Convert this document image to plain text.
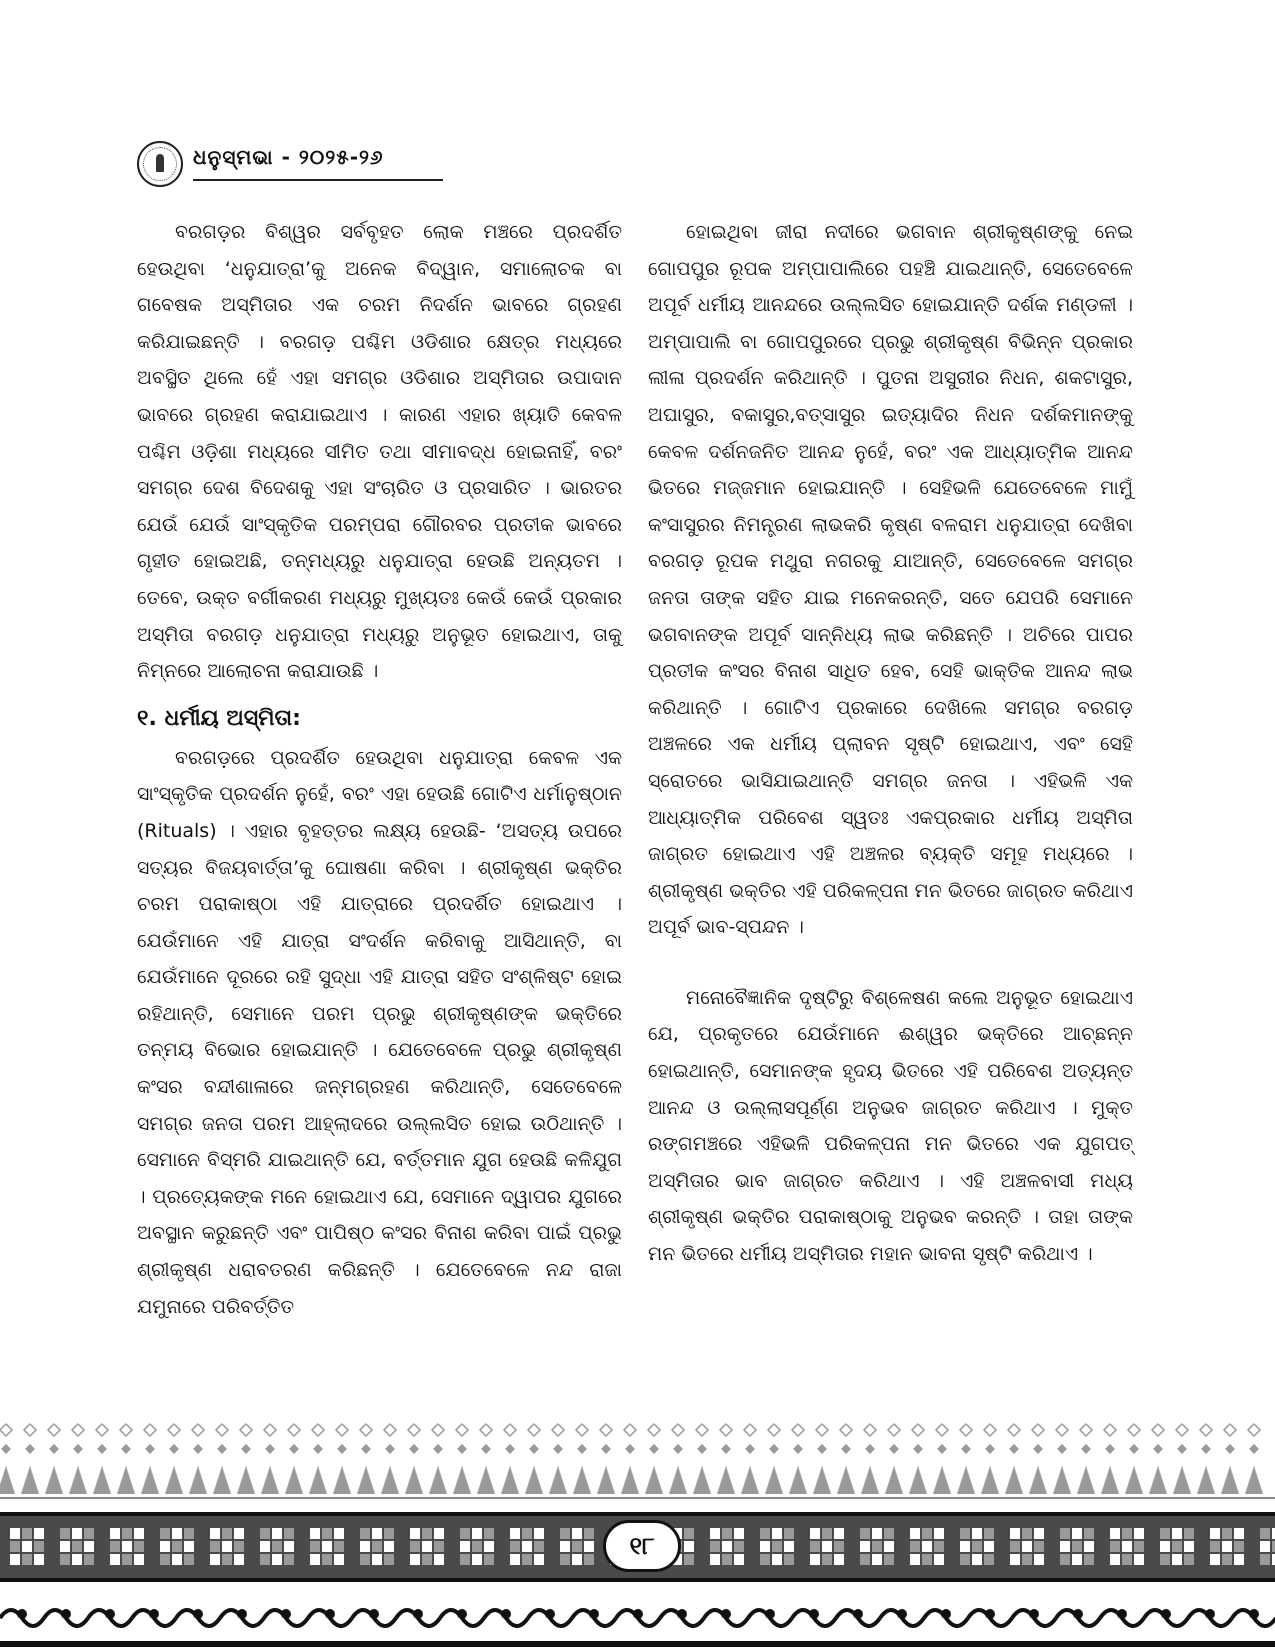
ଧନୁସ୍ମଭା - ୨୦୨୫-୨୬

ବରଗଡ଼ର ବିଶ୍ୱର ସର୍ବବୃହତ ଲୋକ ମଞ୍ଚରେ ପ୍ରଦର୍ଶିତ ହେଉଥିବା ‘ଧନୁଯାତ୍ରା’କୁ ଅନେକ ବିଦ୍ୱାନ, ସମାଲୋଚକ ବା ଗବେଷକ ଅସ୍ମିତାର ଏକ ଚରମ ନିଦର୍ଶନ ଭାବରେ ଗ୍ରହଣ କରିଯାଇଛନ୍ତି । ବରଗଡ଼ ପଶ୍ଚିମ ଓଡିଶାର କ୍ଷେତ୍ର ମଧ୍ୟରେ ଅବସ୍ଥିତ ଥିଲେ ହେଁ ଏହା ସମଗ୍ର ଓଡିଶାର ଅସ୍ମିତାର ଉପାଦାନ ଭାବରେ ଗ୍ରହଣ କରାଯାଇଥାଏ । କାରଣ ଏହାର ଖ୍ୟାତି କେବଳ ପଶ୍ଚିମ ଓଡ଼ିଶା ମଧ୍ୟରେ ସୀମିତ ତଥା ସୀମାବଦ୍ଧ ହୋଇନାହିଁ, ବରଂ ସମଗ୍ର ଦେଶ ବିଦେଶକୁ ଏହା ସଂଚାରିତ ଓ ପ୍ରସାରିତ । ଭାରତର ଯେଉଁ ଯେଉଁ ସାଂସ୍କୃତିକ ପରମ୍ପରା ଗୌରବର ପ୍ରତୀକ ଭାବରେ ଗୃହୀତ ହୋଇଅଛି, ତନ୍ମଧ୍ୟରୁ ଧନୁଯାତ୍ରା ହେଉଛି ଅନ୍ୟତମ । ତେବେ, ଉକ୍ତ ବର୍ଗୀକରଣ ମଧ୍ୟରୁ ମୁଖ୍ୟତଃ କେଉଁ କେଉଁ ପ୍ରକାର ଅସ୍ମିତା ବରଗଡ଼ ଧନୁଯାତ୍ରା ମଧ୍ୟରୁ ଅନୁଭୂତ ହୋଇଥାଏ, ତାକୁ ନିମ୍ନରେ ଆଲୋଚନା କରାଯାଉଛି ।

୧. ଧର୍ମୀୟ ଅସ୍ମିତା:

ବରଗଡ଼ରେ ପ୍ରଦର୍ଶିତ ହେଉଥିବା ଧନୁଯାତ୍ରା କେବଳ ଏକ ସାଂସ୍କୃତିକ ପ୍ରଦର୍ଶନ ନୁହେଁ, ବରଂ ଏହା ହେଉଛି ଗୋଟିଏ ଧର୍ମାନୁଷ୍ଠାନ (Rituals) । ଏହାର ବୃହତ୍ତର ଲକ୍ଷ୍ୟ ହେଉଛି- ‘ଅସତ୍ୟ ଉପରେ ସତ୍ୟର ବିଜୟବାର୍ତ୍ତା’କୁ ଘୋଷଣା କରିବା । ଶ୍ରୀକୃଷ୍ଣ ଭକ୍ତିର ଚରମ ପରାକାଷ୍ଠା ଏହି ଯାତ୍ରାରେ ପ୍ରଦର୍ଶିତ ହୋଇଥାଏ । ଯେଉଁମାନେ ଏହି ଯାତ୍ରା ସଂଦର୍ଶନ କରିବାକୁ ଆସିଥାନ୍ତି, ବା ଯେଉଁମାନେ ଦୂରରେ ରହି ସୁଦ୍ଧା ଏହି ଯାତ୍ରା ସହିତ ସଂଶ୍ଳିଷ୍ଟ ହୋଇ ରହିଥାନ୍ତି, ସେମାନେ ପରମ ପ୍ରଭୁ ଶ୍ରୀକୃଷ୍ଣଙ୍କ ଭକ୍ତିରେ ତନ୍ମୟ ବିଭୋର ହୋଇଯାନ୍ତି । ଯେତେବେଳେ ପ୍ରଭୁ ଶ୍ରୀକୃଷ୍ଣ କଂସର ବନ୍ଦୀଶାଳାରେ ଜନ୍ମଗ୍ରହଣ କରିଥାନ୍ତି, ସେତେବେଳେ ସମଗ୍ର ଜନତା ପରମ ଆହ୍ଲାଦରେ ଉଲ୍ଲସିତ ହୋଇ ଉଠିଥାନ୍ତି । ସେମାନେ ବିସ୍ମରି ଯାଇଥାନ୍ତି ଯେ, ବର୍ତ୍ତମାନ ଯୁଗ ହେଉଛି କଳିଯୁଗ । ପ୍ରତ୍ୟେକଙ୍କ ମନେ ହୋଇଥାଏ ଯେ, ସେମାନେ ଦ୍ୱାପର ଯୁଗରେ ଅବସ୍ଥାନ କରୁଛନ୍ତି ଏବଂ ପାପିଷ୍ଠ କଂସର ବିନାଶ କରିବା ପାଇଁ ପ୍ରଭୁ ଶ୍ରୀକୃଷ୍ଣ ଧରାବତରଣ କରିଛନ୍ତି । ଯେତେବେଳେ ନନ୍ଦ ରାଜା ଯମୁନାରେ ପରିବର୍ତ୍ତିତ

ହୋଇଥିବା ଜୀରା ନଦୀରେ ଭଗବାନ ଶ୍ରୀକୃଷ୍ଣଙ୍କୁ ନେଇ ଗୋପପୁର ରୂପକ ଅମ୍ପାପାଲିରେ ପହଞ୍ଚି ଯାଇଥାନ୍ତି, ସେତେବେଳେ ଅପୂର୍ବ ଧର୍ମୀୟ ଆନନ୍ଦରେ ଉଲ୍ଲସିତ ହୋଇଯାନ୍ତି ଦର୍ଶକ ମଣ୍ଡଳୀ । ଅମ୍ପାପାଲି ବା ଗୋପପୁରରେ ପ୍ରଭୁ ଶ୍ରୀକୃଷ୍ଣ ବିଭିନ୍ନ ପ୍ରକାର ଲୀଳା ପ୍ରଦର୍ଶନ କରିଥାନ୍ତି । ପୁତନା ଅସୁରୀର ନିଧନ, ଶକଟାସୁର, ଅଘାସୁର, ବକାସୁର,ବତ୍ସାସୁର ଇତ୍ୟାଦିର ନିଧନ ଦର୍ଶକମାନଙ୍କୁ କେବଳ ଦର୍ଶନଜନିତ ଆନନ୍ଦ ନୁହେଁ, ବରଂ ଏକ ଆଧ୍ୟାତ୍ମିକ ଆନନ୍ଦ ଭିତରେ ମଜ୍ଜମାନ ହୋଇଯାନ୍ତି । ସେହିଭଳି ଯେତେବେଳେ ମାମୁଁ କଂସାସୁରର ନିମନ୍ତ୍ରଣ ଲାଭକରି କୃଷ୍ଣ ବଳରାମ ଧନୁଯାତ୍ରା ଦେଖିବା ବରଗଡ଼ ରୂପକ ମଥୁରା ନଗରକୁ ଯାଆନ୍ତି, ସେତେବେଳେ ସମଗ୍ର ଜନତା ତାଙ୍କ ସହିତ ଯାଇ ମନେକରନ୍ତି, ସତେ ଯେପରି ସେମାନେ ଭଗବାନଙ୍କ ଅପୂର୍ବ ସାନ୍ନିଧ୍ୟ ଲାଭ କରିଛନ୍ତି । ଅଚିରେ ପାପର ପ୍ରତୀକ କଂସର ବିନାଶ ସାଧିତ ହେବ, ସେହି ଭାକ୍ତିକ ଆନନ୍ଦ ଲାଭ କରିଥାନ୍ତି । ଗୋଟିଏ ପ୍ରକାରେ ଦେଖିଲେ ସମଗ୍ର ବରଗଡ଼ ଅଞ୍ଚଳରେ ଏକ ଧର୍ମୀୟ ପ୍ଲାବନ ସୃଷ୍ଟି ହୋଇଥାଏ, ଏବଂ ସେହି ସ୍ରୋତରେ ଭାସିଯାଇଥାନ୍ତି ସମଗ୍ର ଜନତା । ଏହିଭଳି ଏକ ଆଧ୍ୟାତ୍ମିକ ପରିବେଶ ସ୍ୱତଃ ଏକପ୍ରକାର ଧର୍ମୀୟ ଅସ୍ମିତା ଜାଗ୍ରତ ହୋଇଥାଏ ଏହି ଅଞ୍ଚଳର ବ୍ୟକ୍ତି ସମୂହ ମଧ୍ୟରେ । ଶ୍ରୀକୃଷ୍ଣ ଭକ୍ତିର ଏହି ପରିକଳ୍ପନା ମନ ଭିତରେ ଜାଗ୍ରତ କରିଥାଏ ଅପୂର୍ବ ଭାବ-ସ୍ପନ୍ଦନ ।

ମନୋବୈଜ୍ଞାନିକ ଦୃଷ୍ଟିରୁ ବିଶ୍ଳେଷଣ କଲେ ଅନୁଭୂତ ହୋଇଥାଏ ଯେ, ପ୍ରକୃତରେ ଯେଉଁମାନେ ଈଶ୍ୱର ଭକ୍ତିରେ ଆଚ୍ଛନ୍ନ ହୋଇଥାନ୍ତି, ସେମାନଙ୍କ ହୃଦୟ ଭିତରେ ଏହି ପରିବେଶ ଅତ୍ୟନ୍ତ ଆନନ୍ଦ ଓ ଉଲ୍ଲାସପୂର୍ଣ୍ଣ ଅନୁଭବ ଜାଗ୍ରତ କରିଥାଏ । ମୁକ୍ତ ରଙ୍ଗମଞ୍ଚରେ ଏହିଭଳି ପରିକଳ୍ପନା ମନ ଭିତରେ ଏକ ଯୁଗପତ୍ ଅସ୍ମିତାର ଭାବ ଜାଗ୍ରତ କରିଥାଏ । ଏହି ଅଞ୍ଚଳବାସୀ ମଧ୍ୟ ଶ୍ରୀକୃଷ୍ଣ ଭକ୍ତିର ପରାକାଷ୍ଠାକୁ ଅନୁଭବ କରନ୍ତି । ତାହା ତାଙ୍କ ମନ ଭିତରେ ଧର୍ମୀୟ ଅସ୍ମିତାର ମହାନ ଭାବନା ସୃଷ୍ଟି କରିଥାଏ ।

୧୮
